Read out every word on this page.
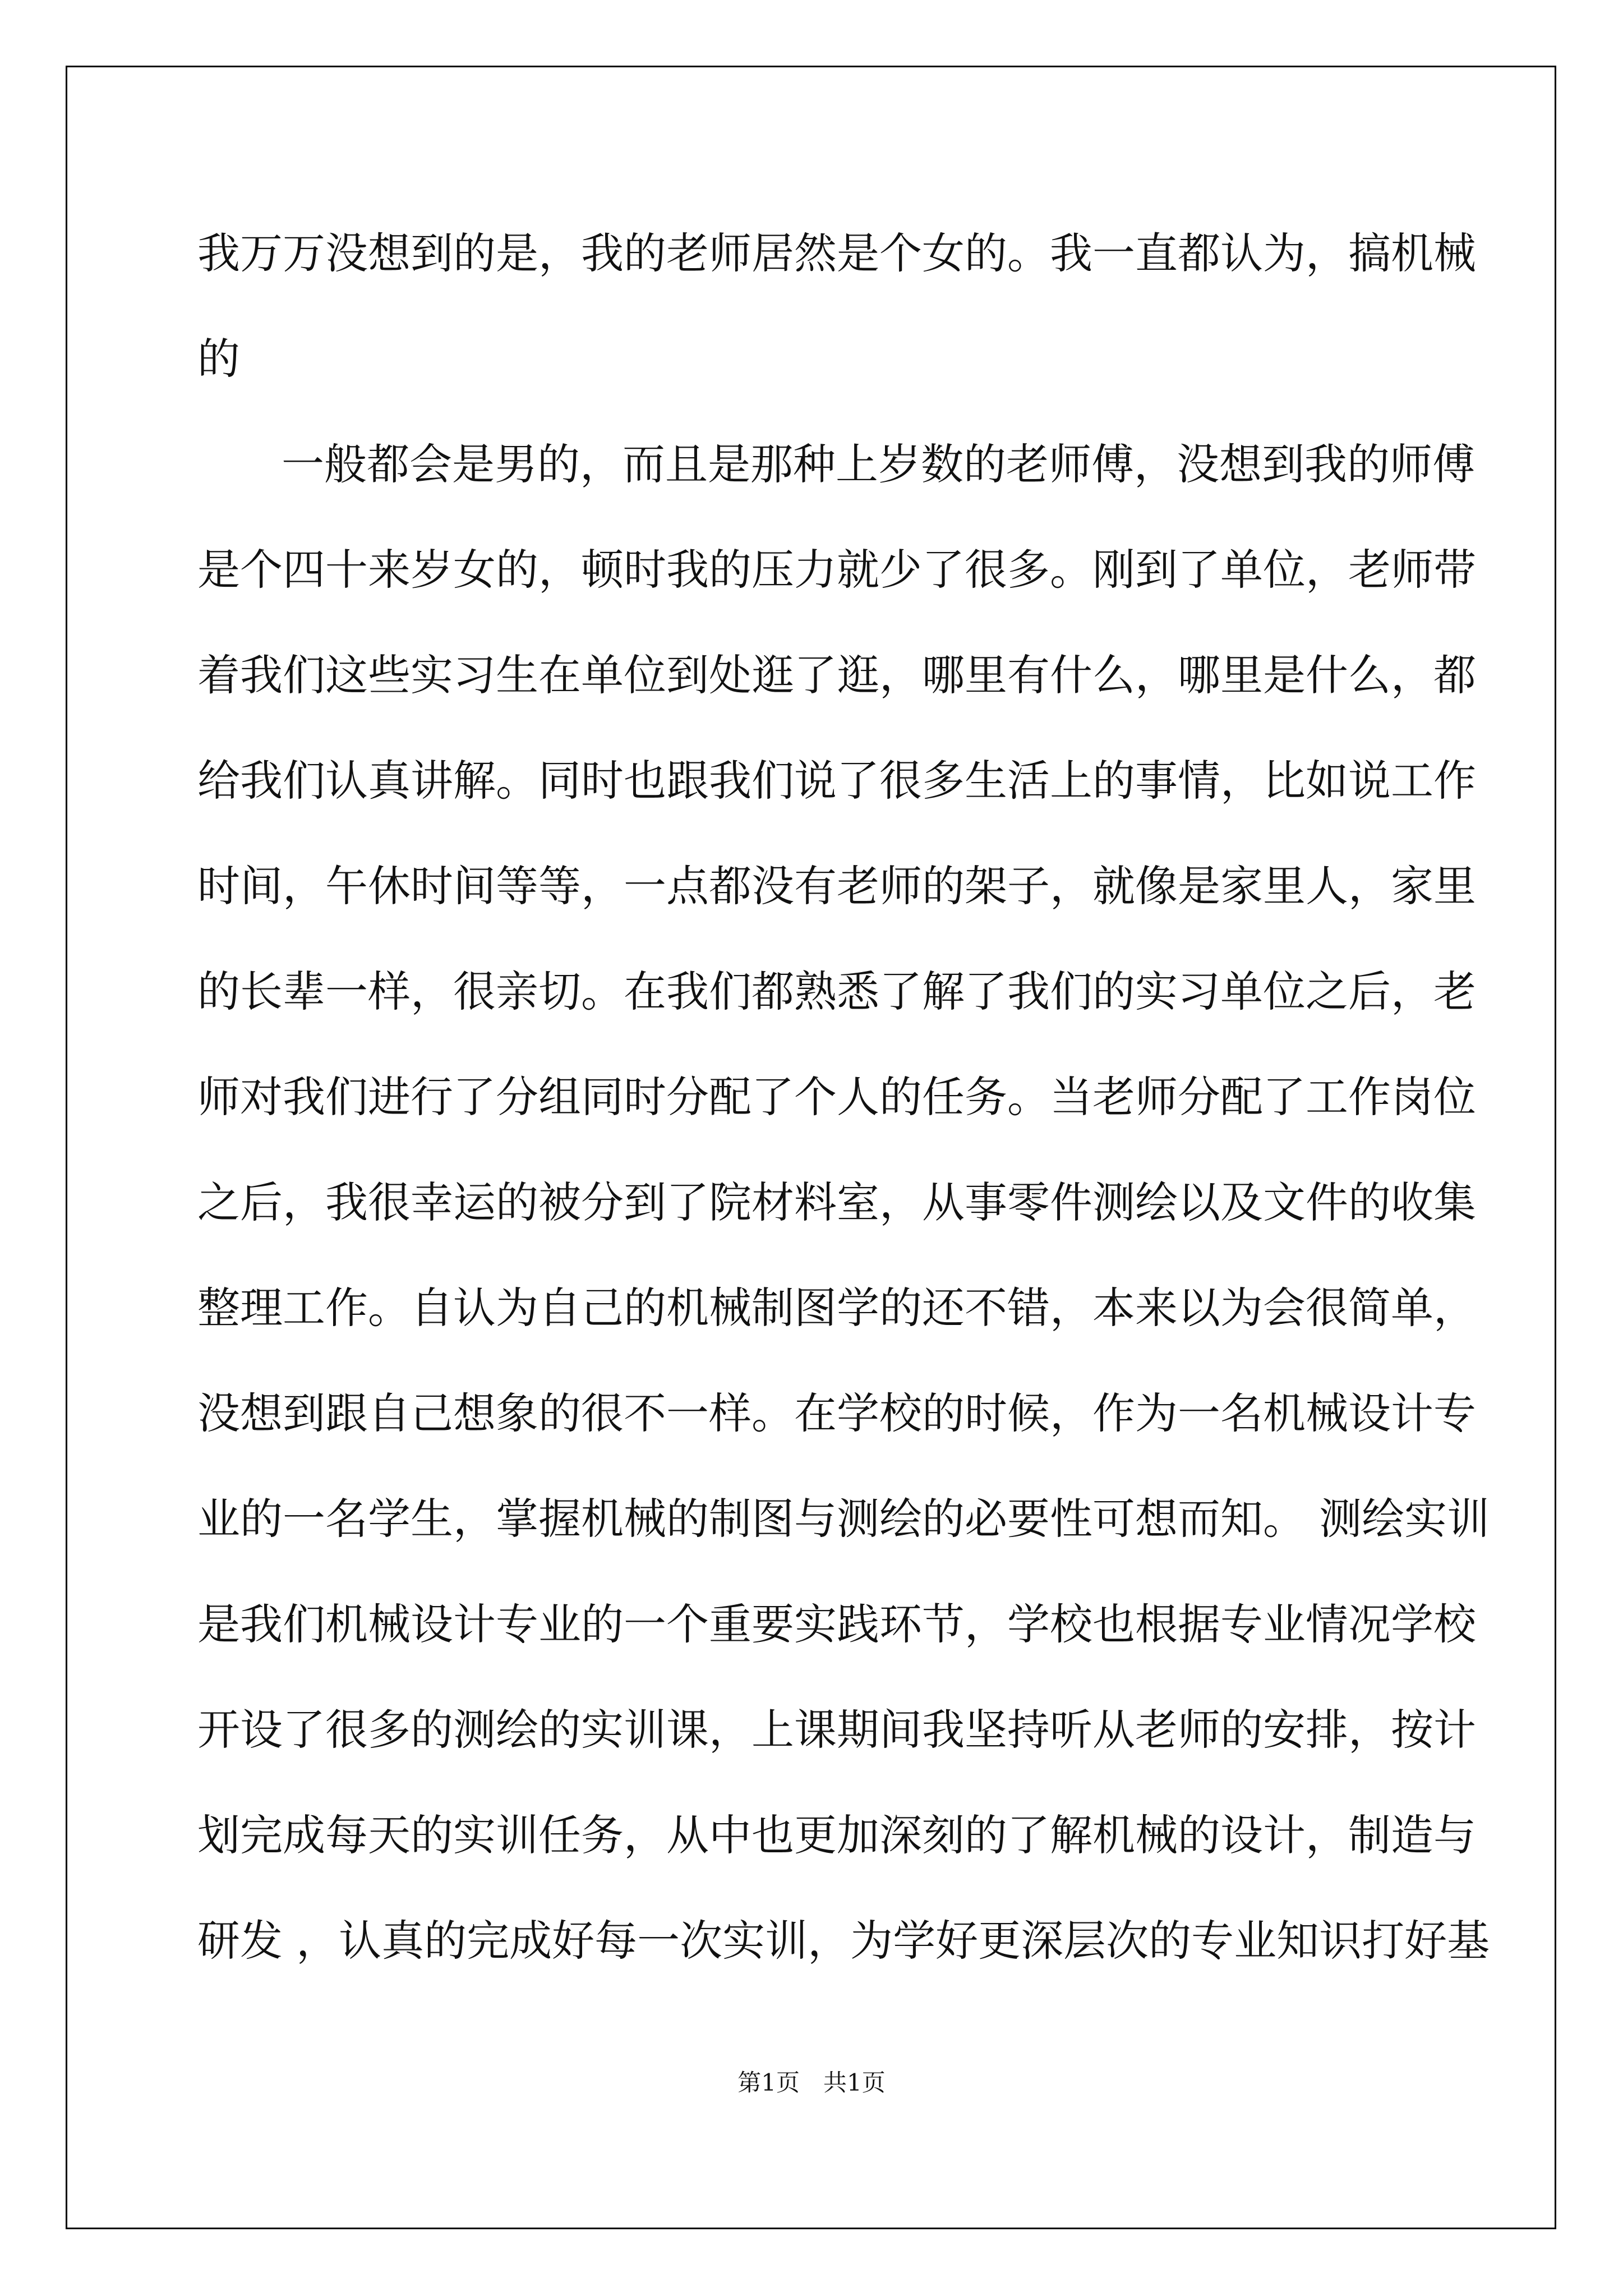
我万万没想到的是，我的老师居然是个女的。我一直都认为，搞机械

的

一般都会是男的，而且是那种上岁数的老师傅，没想到我的师傅

是个四十来岁女的，顿时我的压力就少了很多。刚到了单位，老师带

着我们这些实习生在单位到处逛了逛，哪里有什么，哪里是什么，都

给我们认真讲解。同时也跟我们说了很多生活上的事情，比如说工作

时间，午休时间等等，一点都没有老师的架子，就像是家里人，家里

的长辈一样，很亲切。在我们都熟悉了解了我们的实习单位之后，老

师对我们进行了分组同时分配了个人的任务。当老师分配了工作岗位

之后，我很幸运的被分到了院材料室，从事零件测绘以及文件的收集

整理工作。自认为自己的机械制图学的还不错，本来以为会很简单，

没想到跟自己想象的很不一样。在学校的时候，作为一名机械设计专

业的一名学生，掌握机械的制图与测绘的必要性可想而知。 测绘实训

是我们机械设计专业的一个重要实践环节，学校也根据专业情况学校

开设了很多的测绘的实训课，上课期间我坚持听从老师的安排，按计

划完成每天的实训任务，从中也更加深刻的了解机械的设计，制造与

研发 ，认真的完成好每一次实训，为学好更深层次的专业知识打好基

第1页　共1页
